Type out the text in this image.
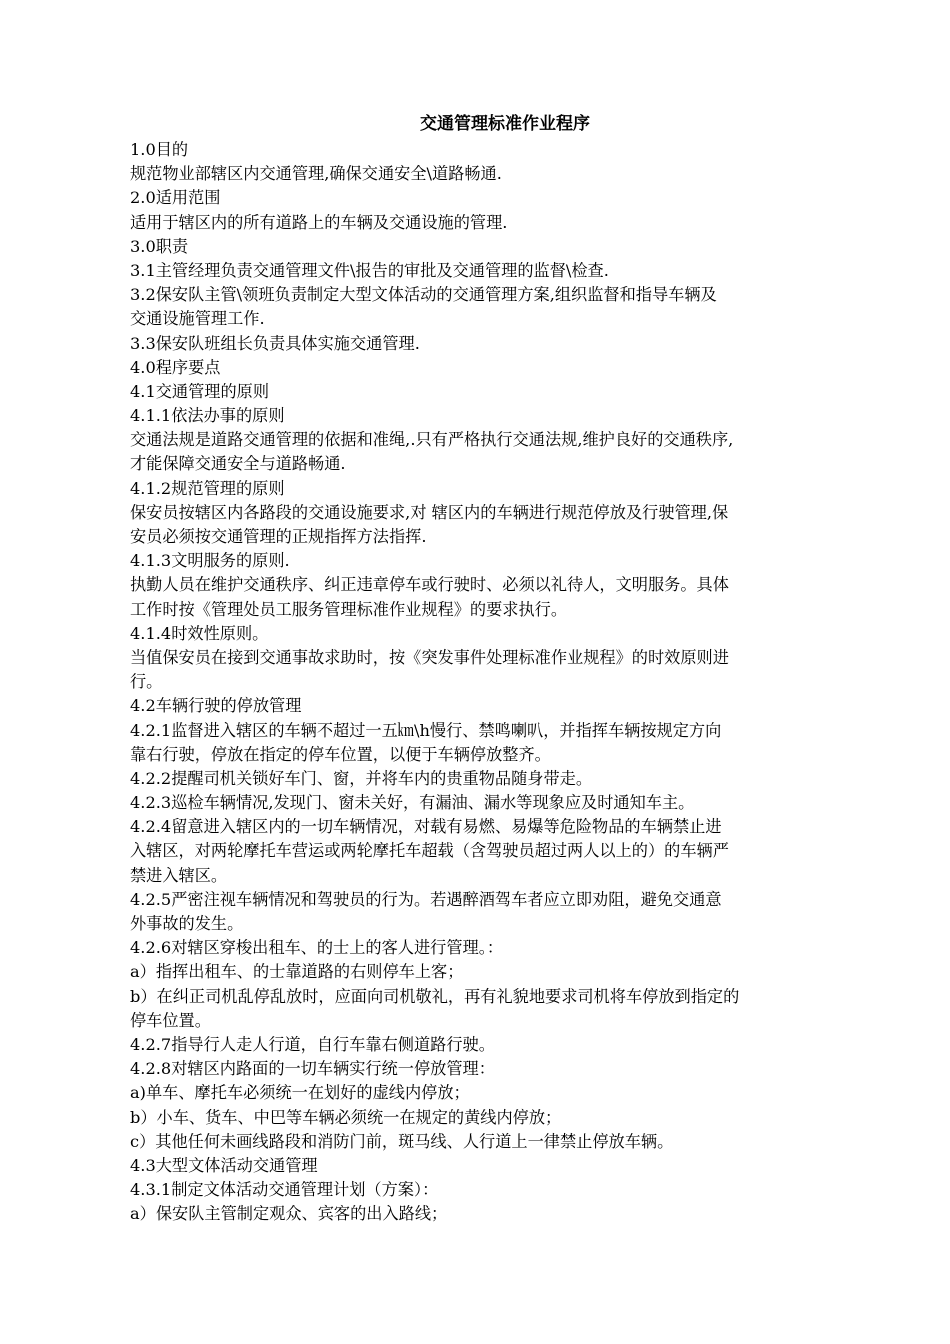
交通管理标准作业程序
1.0目的
规范物业部辖区内交通管理,确保交通安全\道路畅通.
2.0适用范围
适用于辖区内的所有道路上的车辆及交通设施的管理.
3.0职责
3.1主管经理负责交通管理文件\报告的审批及交通管理的监督\检查.
3.2保安队主管\领班负责制定大型文体活动的交通管理方案,组织监督和指导车辆及
交通设施管理工作.
3.3保安队班组长负责具体实施交通管理.
4.0程序要点
4.1交通管理的原则
4.1.1依法办事的原则
交通法规是道路交通管理的依据和准绳,.只有严格执行交通法规,维护良好的交通秩序,
才能保障交通安全与道路畅通.
4.1.2规范管理的原则
保安员按辖区内各路段的交通设施要求,对 辖区内的车辆进行规范停放及行驶管理,保
安员必须按交通管理的正规指挥方法指挥.
4.1.3文明服务的原则.
执勤人员在维护交通秩序、纠正违章停车或行驶时、必须以礼待人，文明服务。具体
工作时按《管理处员工服务管理标准作业规程》的要求执行。
4.1.4时效性原则。
当值保安员在接到交通事故求助时，按《突发事件处理标准作业规程》的时效原则进
行。
4.2车辆行驶的停放管理
4.2.1监督进入辖区的车辆不超过一五㎞\h慢行、禁鸣喇叭，并指挥车辆按规定方向
靠右行驶，停放在指定的停车位置，以便于车辆停放整齐。
4.2.2提醒司机关锁好车门、窗，并将车内的贵重物品随身带走。
4.2.3巡检车辆情况,发现门、窗未关好，有漏油、漏水等现象应及时通知车主。
4.2.4留意进入辖区内的一切车辆情况，对载有易燃、易爆等危险物品的车辆禁止进
入辖区，对两轮摩托车营运或两轮摩托车超载（含驾驶员超过两人以上的）的车辆严
禁进入辖区。
4.2.5严密注视车辆情况和驾驶员的行为。若遇醉酒驾车者应立即劝阻，避免交通意
外事故的发生。
4.2.6对辖区穿梭出租车、的士上的客人进行管理。：
a）指挥出租车、的士靠道路的右则停车上客；
b）在纠正司机乱停乱放时，应面向司机敬礼，再有礼貌地要求司机将车停放到指定的
停车位置。
4.2.7指导行人走人行道，自行车靠右侧道路行驶。
4.2.8对辖区内路面的一切车辆实行统一停放管理：
a)单车、摩托车必须统一在划好的虚线内停放；
b）小车、货车、中巴等车辆必须统一在规定的黄线内停放；
c）其他任何未画线路段和消防门前，斑马线、人行道上一律禁止停放车辆。
4.3大型文体活动交通管理
4.3.1制定文体活动交通管理计划（方案）：
a）保安队主管制定观众、宾客的出入路线；
